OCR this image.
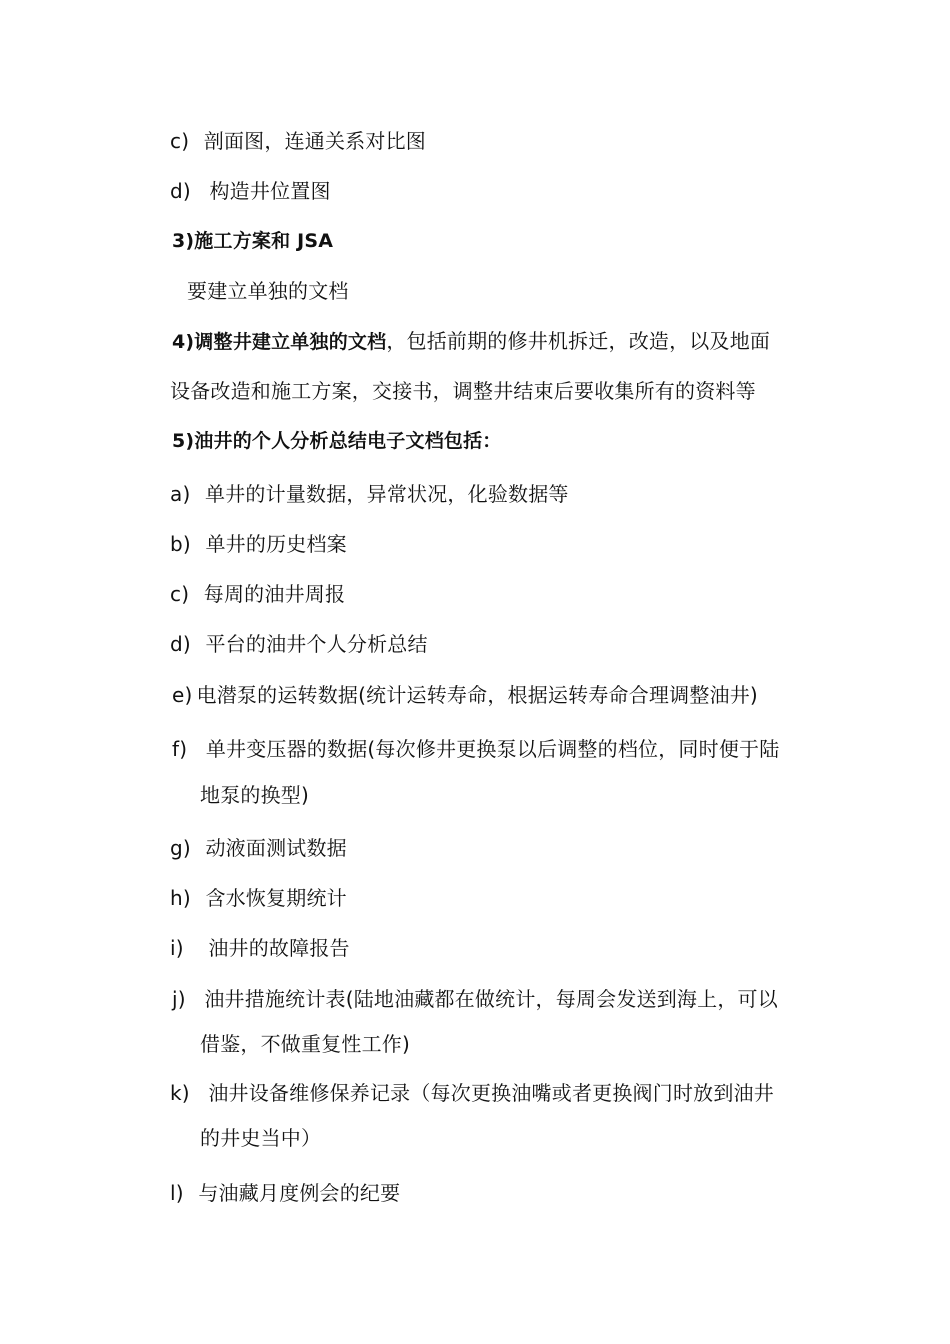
c) 剖面图，连通关系对比图
d) 构造井位置图
3)施工方案和 JSA
要建立单独的文档
4)调整井建立单独的文档，包括前期的修井机拆迁，改造，以及地面
设备改造和施工方案，交接书，调整井结束后要收集所有的资料等
5)油井的个人分析总结电子文档包括：
a) 单井的计量数据，异常状况，化验数据等
b) 单井的历史档案
c) 每周的油井周报
d) 平台的油井个人分析总结
e) 电潜泵的运转数据(统计运转寿命，根据运转寿命合理调整油井)
f) 单井变压器的数据(每次修井更换泵以后调整的档位，同时便于陆
地泵的换型)
g) 动液面测试数据
h) 含水恢复期统计
i) 油井的故障报告
j) 油井措施统计表(陆地油藏都在做统计，每周会发送到海上，可以
借鉴，不做重复性工作)
k) 油井设备维修保养记录（每次更换油嘴或者更换阀门时放到油井
的井史当中）
l) 与油藏月度例会的纪要
